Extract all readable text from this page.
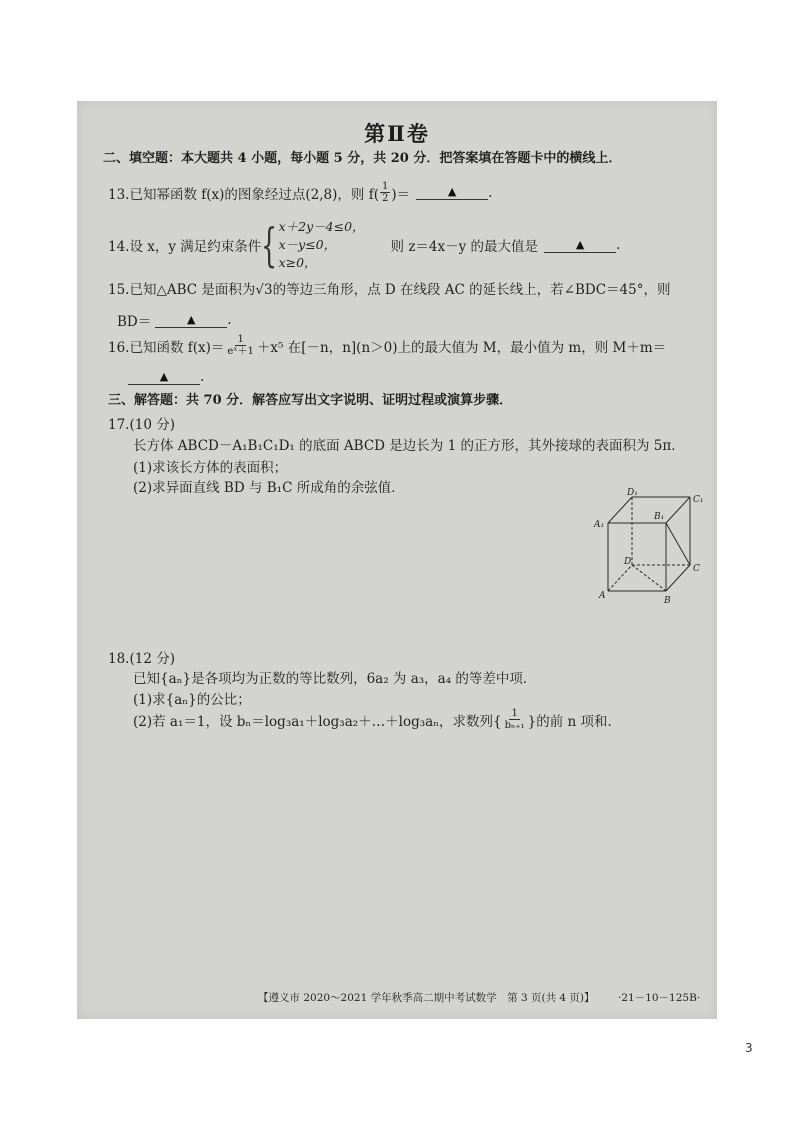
第Ⅱ卷
二、填空题：本大题共 4 小题，每小题 5 分，共 20 分．把答案填在答题卡中的横线上．
13.已知幂函数 f(x)的图象经过点(2,8)，则 $f( \frac{1}{2}$ )＝	▲	.
14.设 x，y 满足约束条件 { x＋2y－4≤0，
x－y≤0，
x≥0，
则 z＝4x－y 的最大值是	▲	.
15.已知△ABC 是面积为√3的等边三角形，点 D 在线段 AC 的延长线上，若∠BDC＝45°，则
BD＝	▲	.
16.已知函数 $f(x)= \frac{1}{\text{eˣ＋1}} +x^5$ 在[－n，n](n＞0)上的最大值为 M，最小值为 m，则 M＋m＝
▲	.
三、解答题：共 70 分．解答应写出文字说明、证明过程或演算步骤．
17.(10 分)
长方体 ABCD－A₁B₁C₁D₁ 的底面 ABCD 是边长为 1 的正方形，其外接球的表面积为 5π．
(1)求该长方体的表面积；
(2)求异面直线 BD 与 B₁C 所成角的余弦值．	D₁
C₁
A₁
B₁
D
C
A	B
18.(12 分)
已知{aₙ}是各项均为正数的等比数列，6a₂ 为 a₃，a₄ 的等差中项．
(1)求{aₙ}的公比；
(2)若 a₁＝1，设 bₙ＝log₃a₁＋log₃a₂＋…＋log₃aₙ，求数列{ $\frac{1}{\text{bₙ₊₁}}$ }的前 n 项和．
【遵义市 2020～2021 学年秋季高二期中考试数学　第 3 页(共 4 页)】 ·21－10－125B·
3
